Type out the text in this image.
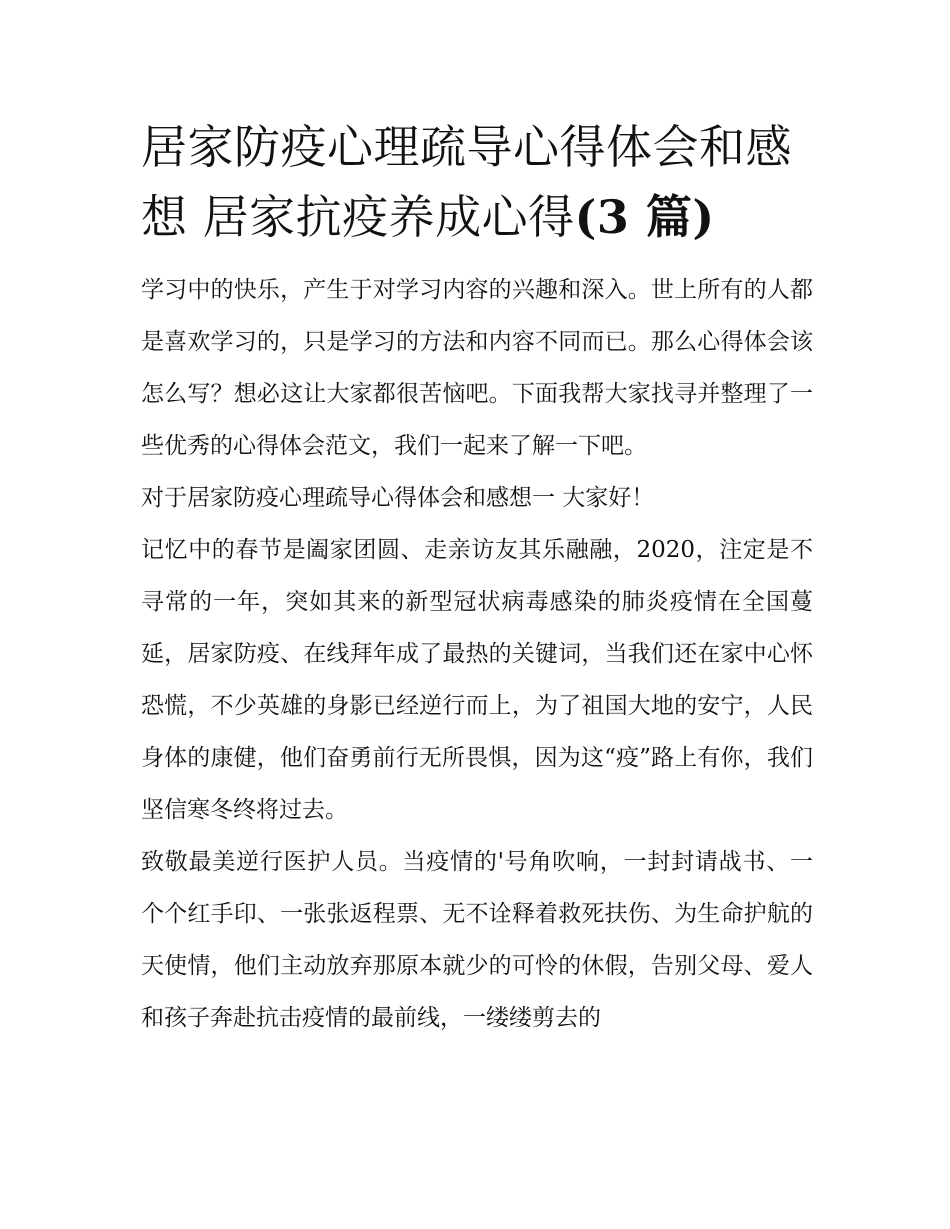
居家防疫心理疏导心得体会和感想 居家抗疫养成心得(3 篇)

学习中的快乐，产生于对学习内容的兴趣和深入。世上所有的人都是喜欢学习的，只是学习的方法和内容不同而已。那么心得体会该怎么写？想必这让大家都很苦恼吧。下面我帮大家找寻并整理了一些优秀的心得体会范文，我们一起来了解一下吧。

对于居家防疫心理疏导心得体会和感想一 大家好！

记忆中的春节是阖家团圆、走亲访友其乐融融，2020，注定是不寻常的一年，突如其来的新型冠状病毒感染的肺炎疫情在全国蔓延，居家防疫、在线拜年成了最热的关键词，当我们还在家中心怀恐慌，不少英雄的身影已经逆行而上，为了祖国大地的安宁，人民身体的康健，他们奋勇前行无所畏惧，因为这“疫”路上有你，我们坚信寒冬终将过去。

致敬最美逆行医护人员。当疫情的'号角吹响，一封封请战书、一个个红手印、一张张返程票、无不诠释着救死扶伤、为生命护航的天使情，他们主动放弃那原本就少的可怜的休假，告别父母、爱人和孩子奔赴抗击疫情的最前线，一缕缕剪去的
